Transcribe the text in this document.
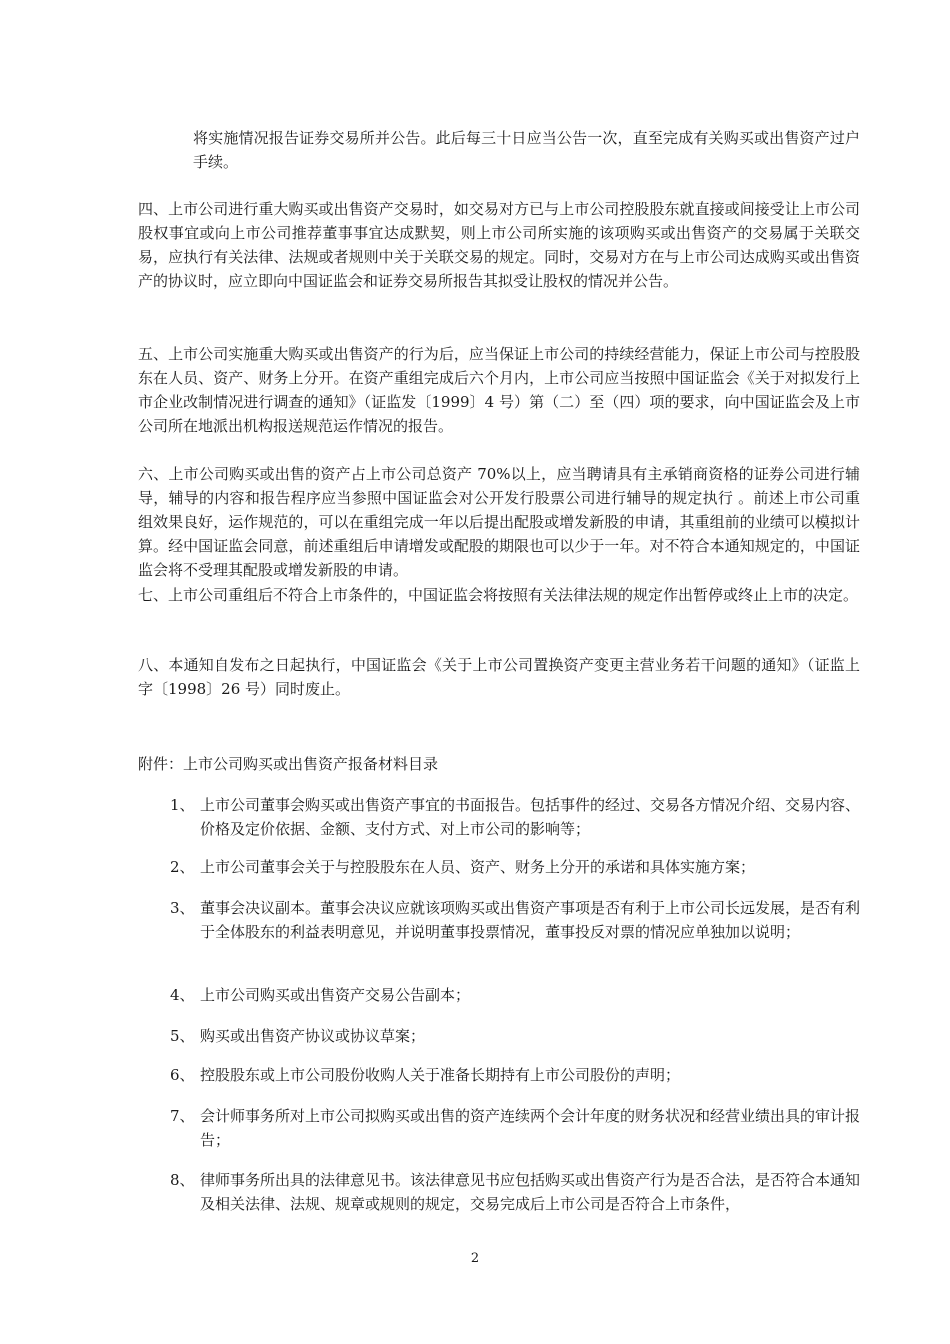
将实施情况报告证券交易所并公告。此后每三十日应当公告一次，直至完成有关购买或出售资产过户手续。

四、上市公司进行重大购买或出售资产交易时，如交易对方已与上市公司控股股东就直接或间接受让上市公司股权事宜或向上市公司推荐董事事宜达成默契，则上市公司所实施的该项购买或出售资产的交易属于关联交易，应执行有关法律、法规或者规则中关于关联交易的规定。同时，交易对方在与上市公司达成购买或出售资产的协议时，应立即向中国证监会和证券交易所报告其拟受让股权的情况并公告。

五、上市公司实施重大购买或出售资产的行为后，应当保证上市公司的持续经营能力，保证上市公司与控股股东在人员、资产、财务上分开。在资产重组完成后六个月内，上市公司应当按照中国证监会《关于对拟发行上市企业改制情况进行调查的通知》（证监发〔1999〕4 号）第（二）至（四）项的要求，向中国证监会及上市公司所在地派出机构报送规范运作情况的报告。

六、上市公司购买或出售的资产占上市公司总资产 70%以上，应当聘请具有主承销商资格的证券公司进行辅导，辅导的内容和报告程序应当参照中国证监会对公开发行股票公司进行辅导的规定执行 。前述上市公司重组效果良好，运作规范的，可以在重组完成一年以后提出配股或增发新股的申请，其重组前的业绩可以模拟计算。经中国证监会同意，前述重组后申请增发或配股的期限也可以少于一年。对不符合本通知规定的，中国证监会将不受理其配股或增发新股的申请。

七、上市公司重组后不符合上市条件的，中国证监会将按照有关法律法规的规定作出暂停或终止上市的决定。

八、本通知自发布之日起执行，中国证监会《关于上市公司置换资产变更主营业务若干问题的通知》（证监上字〔1998〕26 号）同时废止。

附件：上市公司购买或出售资产报备材料目录

1、 上市公司董事会购买或出售资产事宜的书面报告。包括事件的经过、交易各方情况介绍、交易内容、价格及定价依据、金额、支付方式、对上市公司的影响等；
2、 上市公司董事会关于与控股股东在人员、资产、财务上分开的承诺和具体实施方案；
3、 董事会决议副本。董事会决议应就该项购买或出售资产事项是否有利于上市公司长远发展，是否有利于全体股东的利益表明意见，并说明董事投票情况，董事投反对票的情况应单独加以说明；
4、 上市公司购买或出售资产交易公告副本；
5、 购买或出售资产协议或协议草案；
6、 控股股东或上市公司股份收购人关于准备长期持有上市公司股份的声明；
7、 会计师事务所对上市公司拟购买或出售的资产连续两个会计年度的财务状况和经营业绩出具的审计报告；
8、 律师事务所出具的法律意见书。该法律意见书应包括购买或出售资产行为是否合法，是否符合本通知及相关法律、法规、规章或规则的规定，交易完成后上市公司是否符合上市条件，
2
